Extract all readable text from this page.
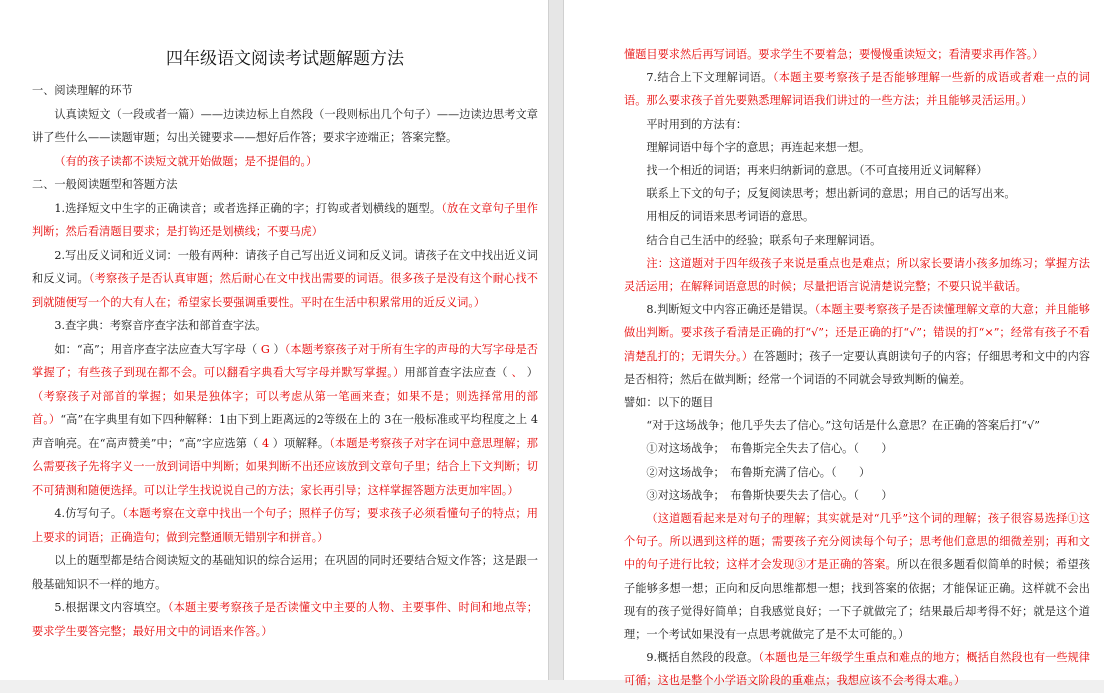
四年级语文阅读考试题解题方法

一、阅读理解的环节

认真读短文（一段或者一篇）——边读边标上自然段（一段则标出几个句子）——边读边思考文章讲了些什么——读题审题；勾出关键要求——想好后作答；要求字迹端正；答案完整。

（有的孩子读都不读短文就开始做题；是不提倡的。）

二、一般阅读题型和答题方法

1.选择短文中生字的正确读音；或者选择正确的字；打钩或者划横线的题型。（放在文章句子里作判断；然后看清题目要求；是打钩还是划横线；不要马虎）

2.写出反义词和近义词：一般有两种：请孩子自己写出近义词和反义词。请孩子在文中找出近义词和反义词。（考察孩子是否认真审题；然后耐心在文中找出需要的词语。很多孩子是没有这个耐心找不到就随便写一个的大有人在；希望家长要强调重要性。平时在生活中积累常用的近反义词。）

3.查字典：考察音序查字法和部首查字法。

如：“高”；用音序查字法应查大写字母（ G ）（本题考察孩子对于所有生字的声母的大写字母是否掌握了；有些孩子到现在都不会。可以翻看字典看大写字母并默写掌握。）用部首查字法应查（ 、 ）（考察孩子对部首的掌握；如果是独体字；可以考虑从第一笔画来查；如果不是；则选择常用的部首。）“高”在字典里有如下四种解释：1由下到上距离远的2等级在上的 3在一般标准或平均程度之上 4声音响亮。在“高声赞美”中；“高”字应选第（ 4 ）项解释。（本题是考察孩子对字在词中意思理解；那么需要孩子先将字义一一放到词语中判断；如果判断不出还应该放到文章句子里；结合上下文判断；切不可猜测和随便选择。可以让学生找说说自己的方法；家长再引导；这样掌握答题方法更加牢固。）

4.仿写句子。（本题考察在文章中找出一个句子；照样子仿写；要求孩子必须看懂句子的特点；用上要求的词语；正确造句；做到完整通顺无错别字和拼音。）

以上的题型都是结合阅读短文的基础知识的综合运用；在巩固的同时还要结合短文作答；这是跟一般基础知识不一样的地方。

5.根据课文内容填空。（本题主要考察孩子是否读懂文中主要的人物、主要事件、时间和地点等；要求学生要答完整；最好用文中的词语来作答。）

懂题目要求然后再写词语。要求学生不要着急；要慢慢重读短文；看清要求再作答。）

7.结合上下文理解词语。（本题主要考察孩子是否能够理解一些新的成语或者难一点的词语。那么要求孩子首先要熟悉理解词语我们讲过的一些方法；并且能够灵活运用。）

平时用到的方法有：

理解词语中每个字的意思；再连起来想一想。

找一个相近的词语；再来归纳新词的意思。（不可直接用近义词解释）

联系上下文的句子；反复阅读思考；想出新词的意思；用自己的话写出来。

用相反的词语来思考词语的意思。

结合自己生活中的经验；联系句子来理解词语。

注：这道题对于四年级孩子来说是重点也是难点；所以家长要请小孩多加练习；掌握方法灵活运用；在解释词语意思的时候；尽量把语言说清楚说完整；不要只说半截话。

8.判断短文中内容正确还是错误。（本题主要考察孩子是否读懂理解文章的大意；并且能够做出判断。要求孩子看清是正确的打“√”；还是正确的打“√”；错误的打“×”；经常有孩子不看清楚乱打的；无谓失分。）在答题时；孩子一定要认真朗读句子的内容；仔细思考和文中的内容是否相符；然后在做判断；经常一个词语的不同就会导致判断的偏差。

譬如：以下的题目

“对于这场战争；他几乎失去了信心。”这句话是什么意思？在正确的答案后打“√”

①对这场战争；　布鲁斯完全失去了信心。（　　）

②对这场战争；　布鲁斯充满了信心。（　　）

③对这场战争；　布鲁斯快要失去了信心。（　　）

（这道题看起来是对句子的理解；其实就是对“几乎”这个词的理解；孩子很容易选择①这个句子。所以遇到这样的题；需要孩子充分阅读每个句子；思考他们意思的细微差别；再和文中的句子进行比较；这样才会发现③才是正确的答案。所以在很多题看似简单的时候；希望孩子能够多想一想；正向和反向思维都想一想；找到答案的依据；才能保证正确。这样就不会出现有的孩子觉得好简单；自我感觉良好；一下子就做完了；结果最后却考得不好；就是这个道理；一个考试如果没有一点思考就做完了是不太可能的。）

9.概括自然段的段意。（本题也是三年级学生重点和难点的地方；概括自然段也有一些规律可循；这也是整个小学语文阶段的重难点；我想应该不会考得太难。）
